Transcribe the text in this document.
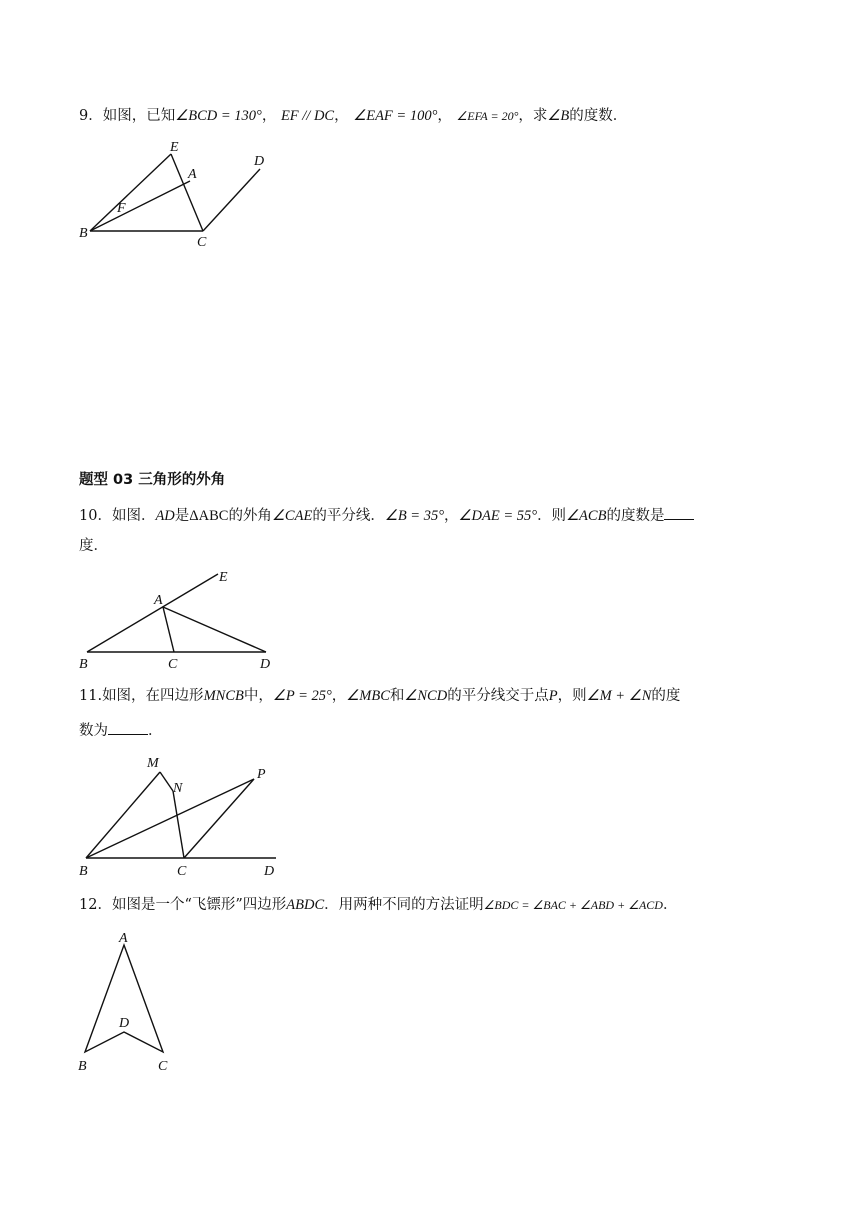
9．如图，已知∠BCD = 130°， EF // DC， ∠EAF = 100°， ∠EFA = 20°，求∠B的度数．
E
A
D
F
B
C
题型 03 三角形的外角
10．如图．AD是ΔABC的外角∠CAE的平分线．∠B = 35°，∠DAE = 55°．则∠ACB的度数是
度．
E
A
B	C	D
11.如图，在四边形MNCB中，∠P = 25°，∠MBC和∠NCD的平分线交于点P，则∠M + ∠N的度
数为	．
M
N
P
B	C	D
12．如图是一个“飞镖形”四边形ABDC．用两种不同的方法证明∠BDC = ∠BAC + ∠ABD + ∠ACD．
A
D
B	C
